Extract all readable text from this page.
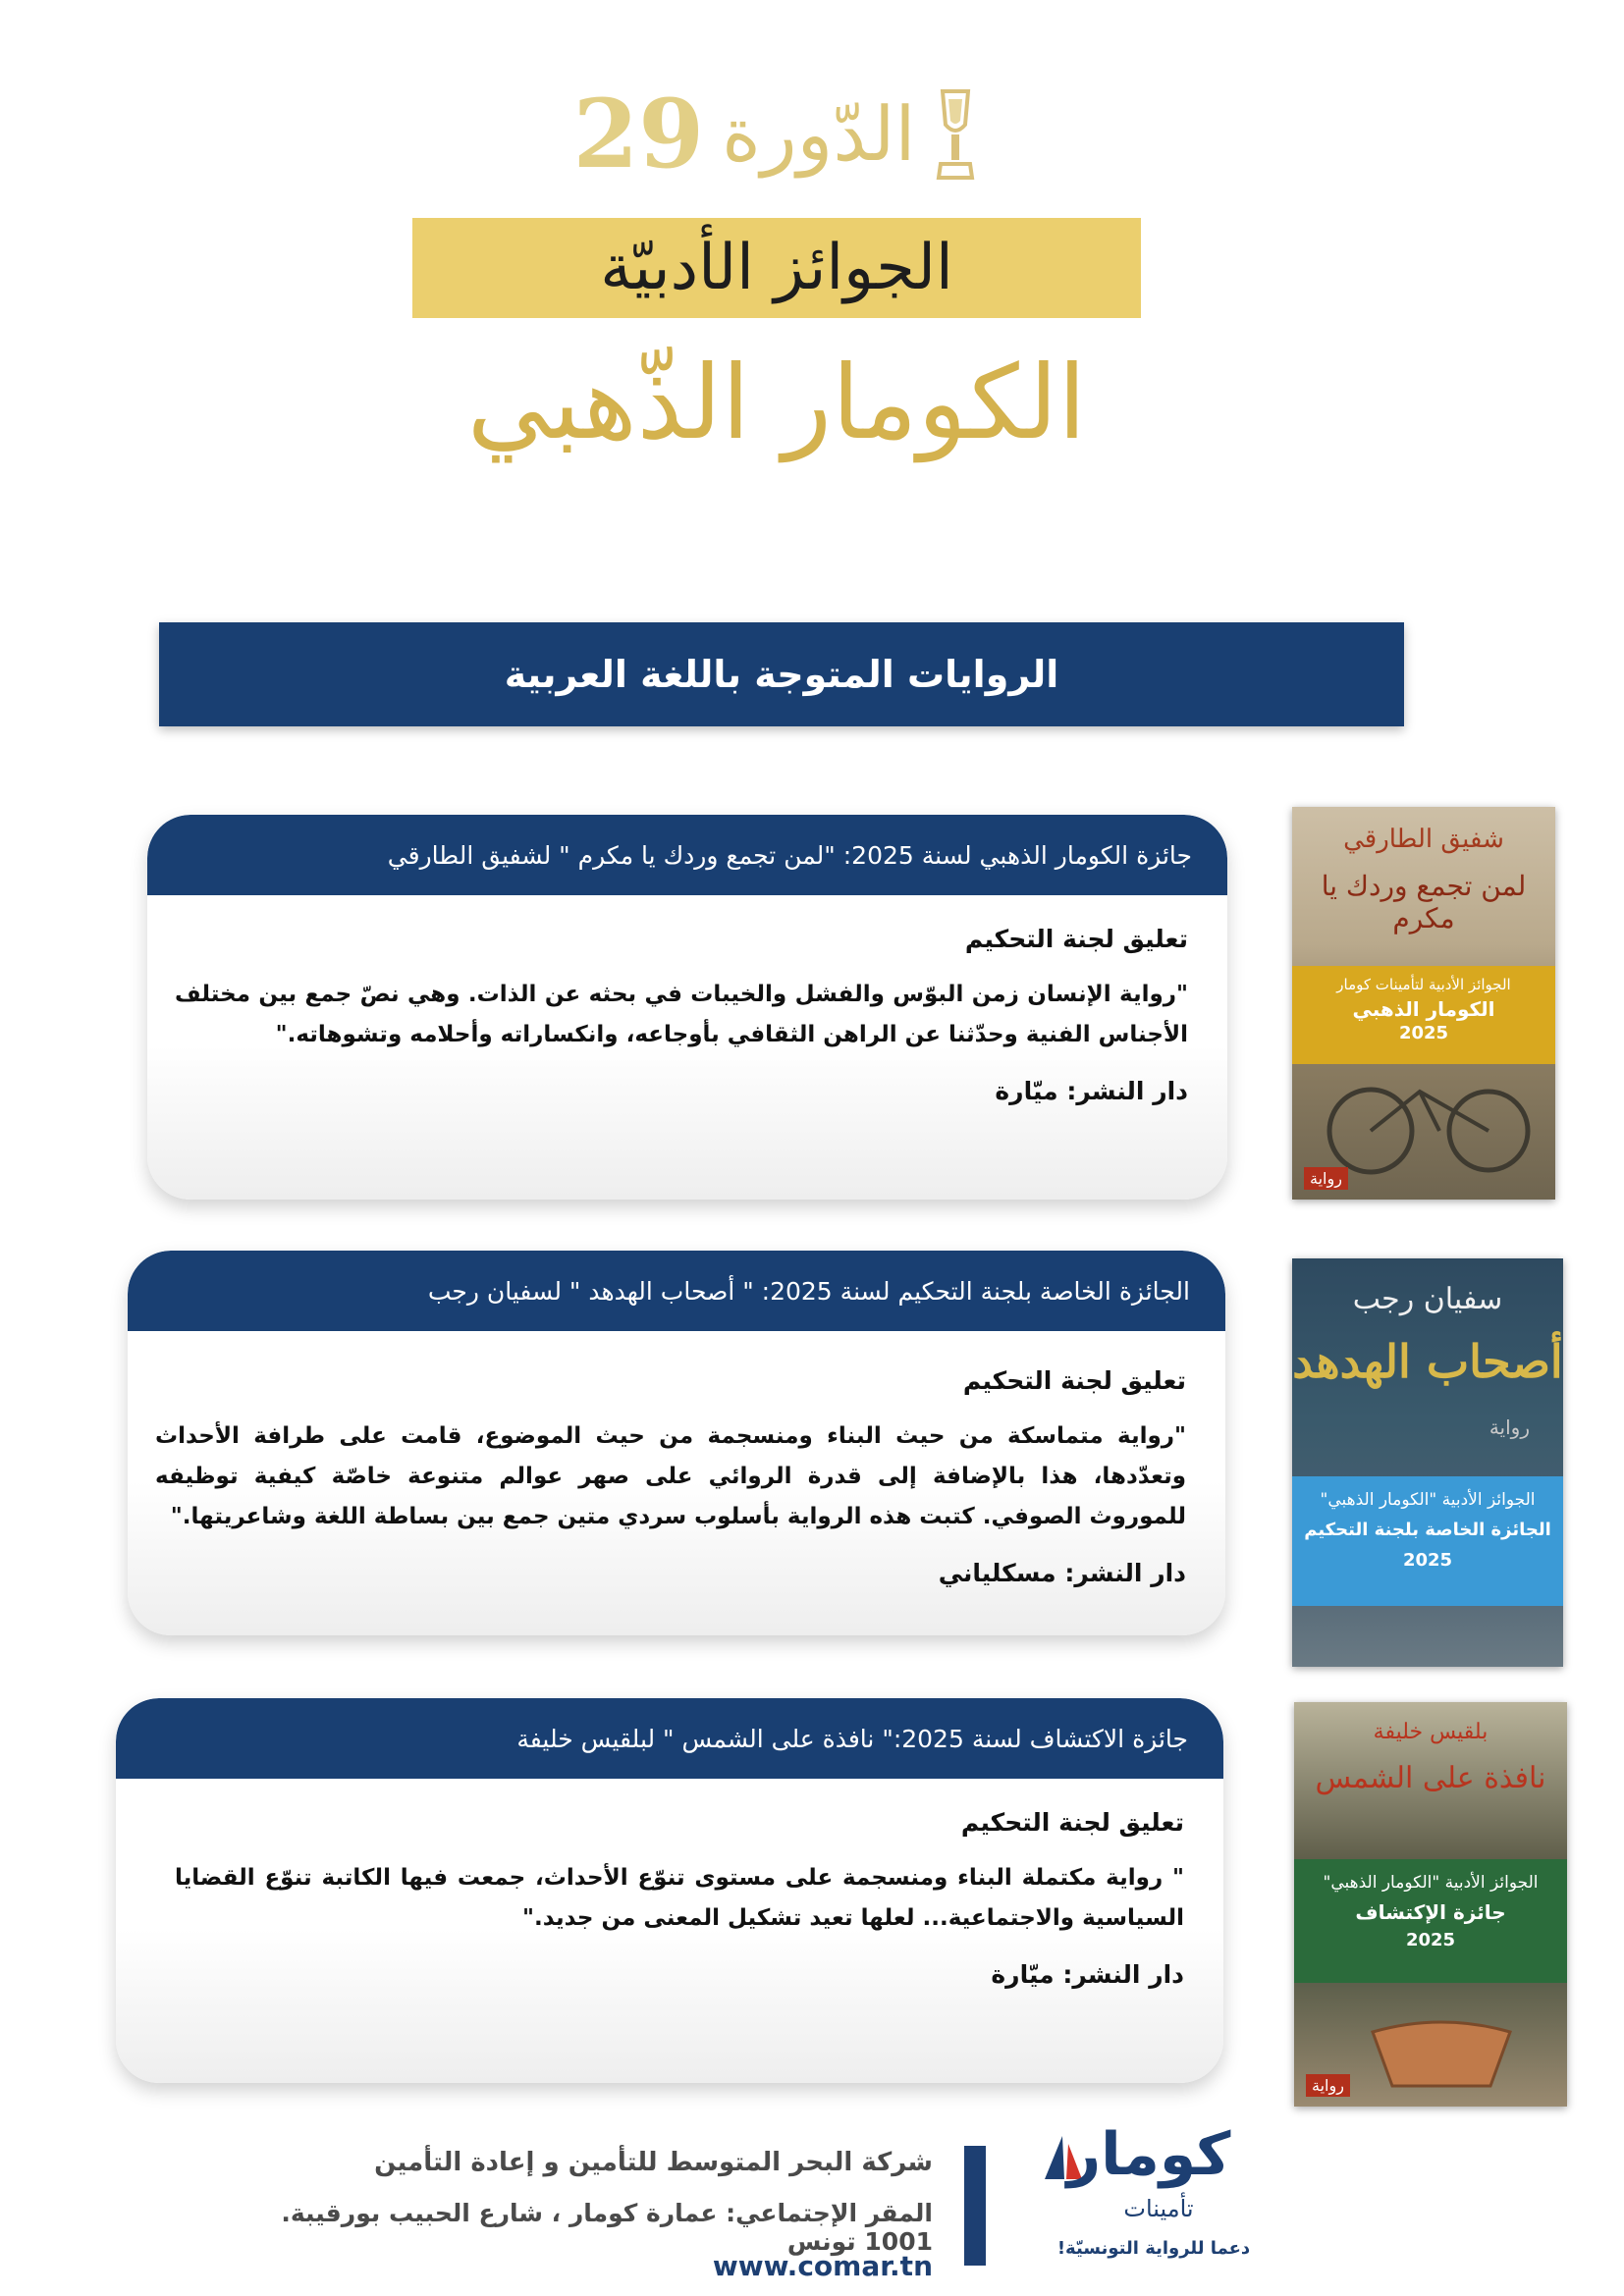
29 الدّورة
الجوائز الأدبيّة
الكومار الذّهبي
الروايات المتوجة باللغة العربية
جائزة الكومار الذهبي لسنة 2025: "لمن تجمع وردك يا مكرم " لشفيق الطارقي

تعليق لجنة التحكيم

"رواية الإنسان زمن البوّس والفشل والخيبات في بحثه عن الذات. وهي نصّ جمع بين مختلف الأجناس الفنية وحدّثنا عن الراهن الثقافي بأوجاعه، وانكساراته وأحلامه وتشوهاته."

دار النشر: ميّارة

شفيق الطارقي
لمن تجمع وردك يا مكرم
الجوائز الأدبية لتأمينات كومار
الكومار الذهبي
2025
رواية
الجائزة الخاصة بلجنة التحكيم لسنة 2025: " أصحاب الهدهد " لسفيان رجب

تعليق لجنة التحكيم

"رواية متماسكة من حيث البناء ومنسجمة من حيث الموضوع، قامت على طرافة الأحداث وتعدّدها، هذا بالإضافة إلى قدرة الروائي على صهر عوالم متنوعة خاصّة كيفية توظيفه للموروث الصوفي. كتبت هذه الرواية بأسلوب سردي متين جمع بين بساطة اللغة وشاعريتها."

دار النشر: مسكلياني

سفيان رجب
أصحاب الهدهد
رواية
الجوائز الأدبية "الكومار الذهبي"
الجائزة الخاصة بلجنة التحكيم
2025
جائزة الاكتشاف لسنة 2025:" نافذة على الشمس " لبلقيس خليفة

تعليق لجنة التحكيم

" رواية مكتملة البناء ومنسجمة على مستوى تنوّع الأحداث، جمعت فيها الكاتبة تنوّع القضايا السياسية والاجتماعية... لعلها تعيد تشكيل المعنى من جديد."

دار النشر: ميّارة

بلقيس خليفة
نافذة على الشمس
الجوائز الأدبية "الكومار الذهبي"
جائزة الإكتشاف
2025
رواية
شركة البحر المتوسط للتأمين و إعادة التأمين
المقر الإجتماعي: عمارة كومار ، شارع الحبيب بورقيبة. 1001 تونس
www.comar.tn
كومار
تأمينات
دعما للرواية التونسيّة!
